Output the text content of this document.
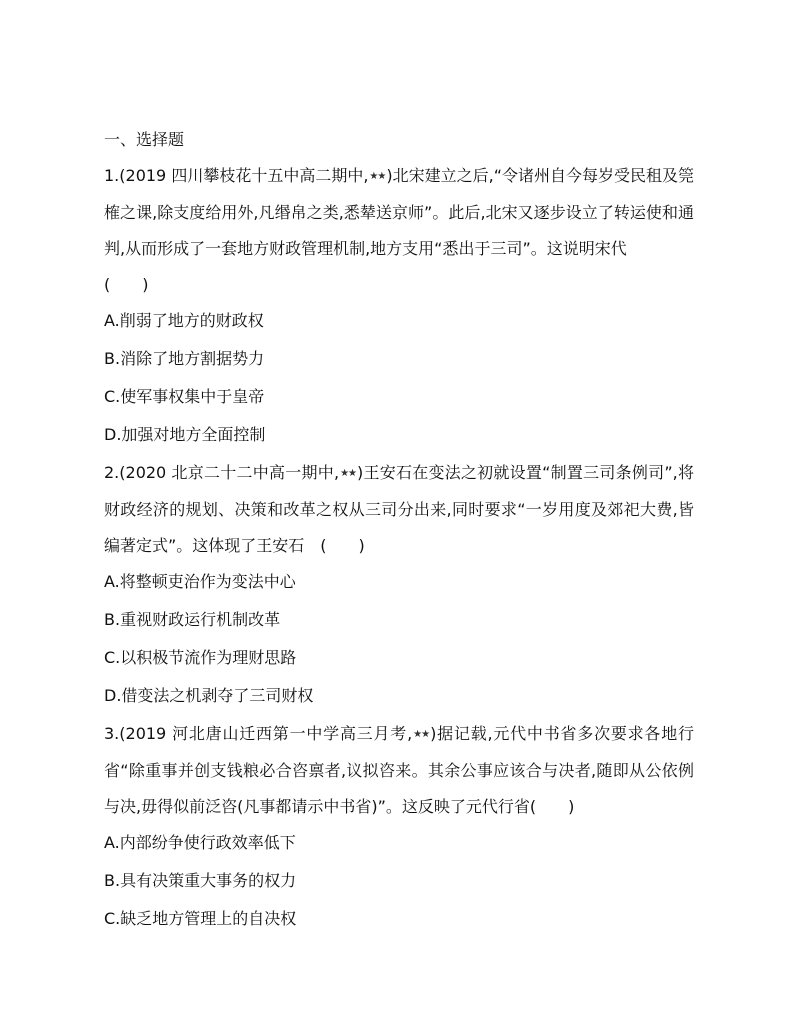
一、选择题
1.(2019 四川攀枝花十五中高二期中,★★)北宋建立之后,“令诸州自今每岁受民租及筦榷之课,除支度给用外,凡缗帛之类,悉辇送京师”。此后,北宋又逐步设立了转运使和通判,从而形成了一套地方财政管理机制,地方支用“悉出于三司”。这说明宋代
(　　)
A.削弱了地方的财政权
B.消除了地方割据势力
C.使军事权集中于皇帝
D.加强对地方全面控制
2.(2020 北京二十二中高一期中,★★)王安石在变法之初就设置“制置三司条例司”,将财政经济的规划、决策和改革之权从三司分出来,同时要求“一岁用度及郊祀大费,皆编著定式”。这体现了王安石　(　　)
A.将整顿吏治作为变法中心
B.重视财政运行机制改革
C.以积极节流作为理财思路
D.借变法之机剥夺了三司财权
3.(2019 河北唐山迁西第一中学高三月考,★★)据记载,元代中书省多次要求各地行省“除重事并创支钱粮必合咨禀者,议拟咨来。其余公事应该合与决者,随即从公依例与决,毋得似前泛咨(凡事都请示中书省)”。这反映了元代行省(　　)
A.内部纷争使行政效率低下
B.具有决策重大事务的权力
C.缺乏地方管理上的自决权
